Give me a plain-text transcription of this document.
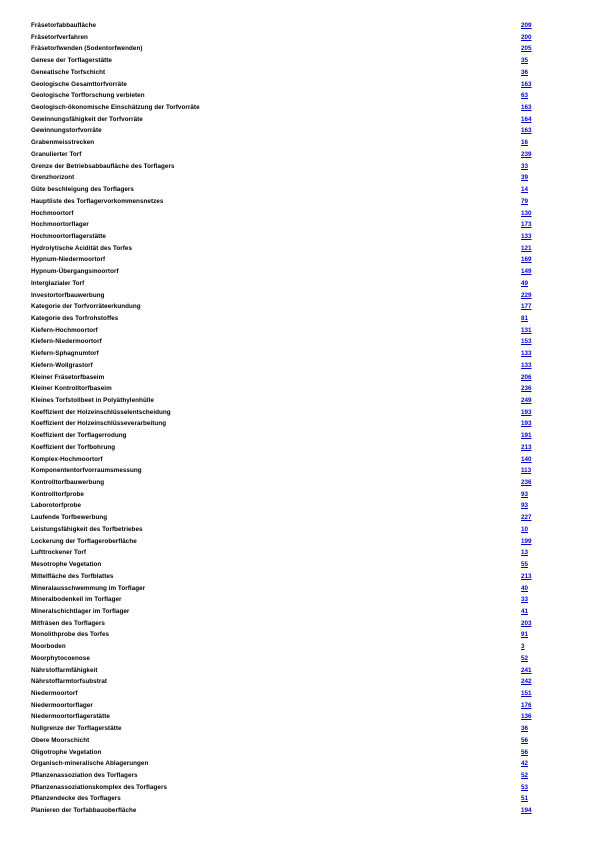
Fräsetorfabbaufläche	209
Fräsetorfverfahren	200
Fräsetorfwenden (Sodentorfwenden)	205
Genese der Torflagerstätte	35
Geneatische Torfschicht	36
Geologische Gesamttorfvorräte	163
Geologische Torfforschung verbieten	63
Geologisch-ökonomische Einschätzung der Torfvorräte	163
Gewinnungsfähigkeit der Torfvorräte	164
Gewinnungstorfvorräte	163
Grabenmeisstrecken	16
Granulierter Torf	239
Grenze der Betriebsabbaufläche des Torflagers	33
Grenzhorizont	39
Güte beschleigung des Torflagers	14
Hauptliste des Torflagervorkommensnetzes	79
Hochmoortorf	130
Hochmoortorflager	173
Hochmoortorflagerstätte	133
Hydrolytische Acidität des Torfes	121
Hypnum-Niedermoortorf	169
Hypnum-Übergangsmoortorf	149
Interglazialer Torf	49
Investortorfbauwerbung	229
Kategorie der Torfvorräteerkundung	177
Kategorie des Torfrohstoffes	81
Kiefern-Hochmoortorf	131
Kiefern-Niedermoortorf	153
Kiefern-Sphagnumtorf	133
Kiefern-Wollgrastorf	133
Kleiner Fräsetorfbaseim	206
Kleiner Kontrolltorfbaseim	236
Kleines Torfstollbeet in Polyäthylenhülle	249
Koeffizient der Holzeinschlüsselentscheidung	193
Koeffizient der Holzeinschlüsseverarbeitung	193
Koeffizient der Torflagerrodung	191
Koeffizient der Torfbohrung	213
Komplex-Hochmoortorf	140
Komponententorfvorraumsmessung	113
Kontrolltorfbauwerbung	236
Kontrolltorfprobe	93
Laborotorfprobe	93
Laufende Torfbewerbung	227
Leistungsfähigkeit des Torfbetriebes	10
Lockerung der Torflageroberfläche	199
Lufttrockener Torf	13
Mesotrophe Vegetation	55
Mittelfläche des Torfblattes	213
Mineralausschwemmung im Torflager	40
Mineralbodenkeil im Torflager	33
Mineralschichtlager im Torflager	41
Mitfräsen des Torflagers	203
Monolithprobe des Torfes	91
Moorboden	3
Moorphytocoenose	52
Nährstoffarmfähigkeit	241
Nährstoffarmtorfsubstrat	242
Niedermoortorf	151
Niedermoortorflager	176
Niedermoortorflagerstätte	136
Nullgrenze der Torflagerstätte	36
Obere Moorschicht	56
Oligotrophe Vegetation	56
Organisch-mineralische Ablagerungen	42
Pflanzenassoziation des Torflagers	52
Pflanzenassoziationskomplex des Torflagers	53
Pflanzendecke des Torflagers	51
Planieren der Torfabbauoberfläche	194
